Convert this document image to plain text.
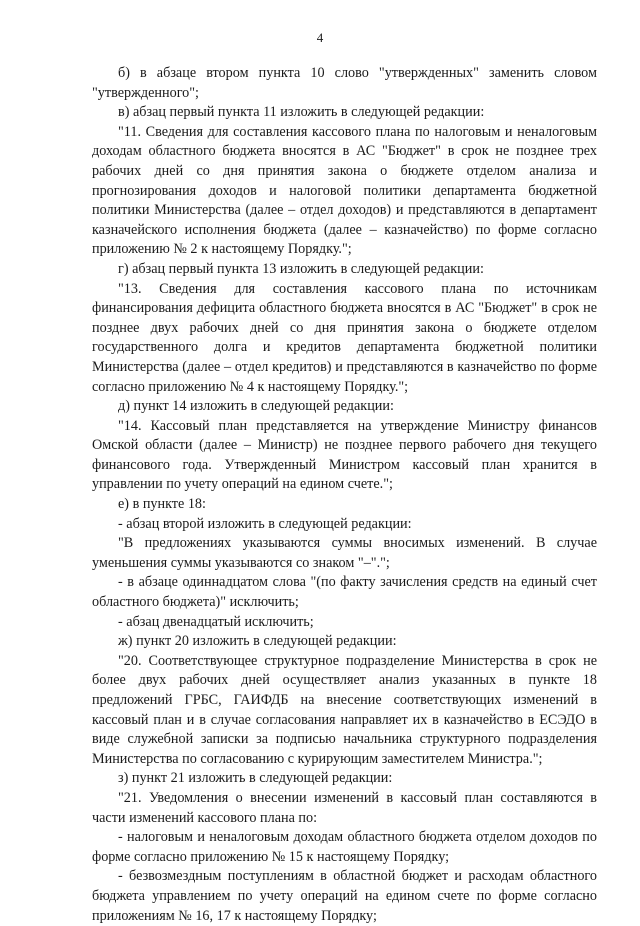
4

б) в абзаце втором пункта 10 слово "утвержденных" заменить словом "утвержденного";

в) абзац первый пункта 11 изложить в следующей редакции:

"11. Сведения для составления кассового плана по налоговым и неналоговым доходам областного бюджета вносятся в АС "Бюджет" в срок не позднее трех рабочих дней со дня принятия закона о бюджете отделом анализа и прогнозирования доходов и налоговой политики департамента бюджетной политики Министерства (далее – отдел доходов) и представляются в департамент казначейского исполнения бюджета (далее – казначейство) по форме согласно приложению № 2 к настоящему Порядку.";

г) абзац первый пункта 13 изложить в следующей редакции:

"13. Сведения для составления кассового плана по источникам финансирования дефицита областного бюджета вносятся в АС "Бюджет" в срок не позднее двух рабочих дней со дня принятия закона о бюджете отделом государственного долга и кредитов департамента бюджетной политики Министерства (далее – отдел кредитов) и представляются в казначейство по форме согласно приложению № 4 к настоящему Порядку.";

д) пункт 14 изложить в следующей редакции:

"14. Кассовый план представляется на утверждение Министру финансов Омской области (далее – Министр) не позднее первого рабочего дня текущего финансового года. Утвержденный Министром кассовый план хранится в управлении по учету операций на едином счете.";

е) в пункте 18:

- абзац второй изложить в следующей редакции:

"В предложениях указываются суммы вносимых изменений. В случае уменьшения суммы указываются со знаком "–".";

- в абзаце одиннадцатом слова "(по факту зачисления средств на единый счет областного бюджета)" исключить;

- абзац двенадцатый исключить;

ж) пункт 20 изложить в следующей редакции:

"20. Соответствующее структурное подразделение Министерства в срок не более двух рабочих дней осуществляет анализ указанных в пункте 18 предложений ГРБС, ГАИФДБ на внесение соответствующих изменений в кассовый план и в случае согласования направляет их в казначейство в ЕСЭДО в виде служебной записки за подписью начальника структурного подразделения Министерства по согласованию с курирующим заместителем Министра.";

з) пункт 21 изложить в следующей редакции:

"21. Уведомления о внесении изменений в кассовый план составляются в части изменений кассового плана по:

- налоговым и неналоговым доходам областного бюджета отделом доходов по форме согласно приложению № 15 к настоящему Порядку;

- безвозмездным поступлениям в областной бюджет и расходам областного бюджета управлением по учету операций на едином счете по форме согласно приложениям № 16, 17 к настоящему Порядку;
